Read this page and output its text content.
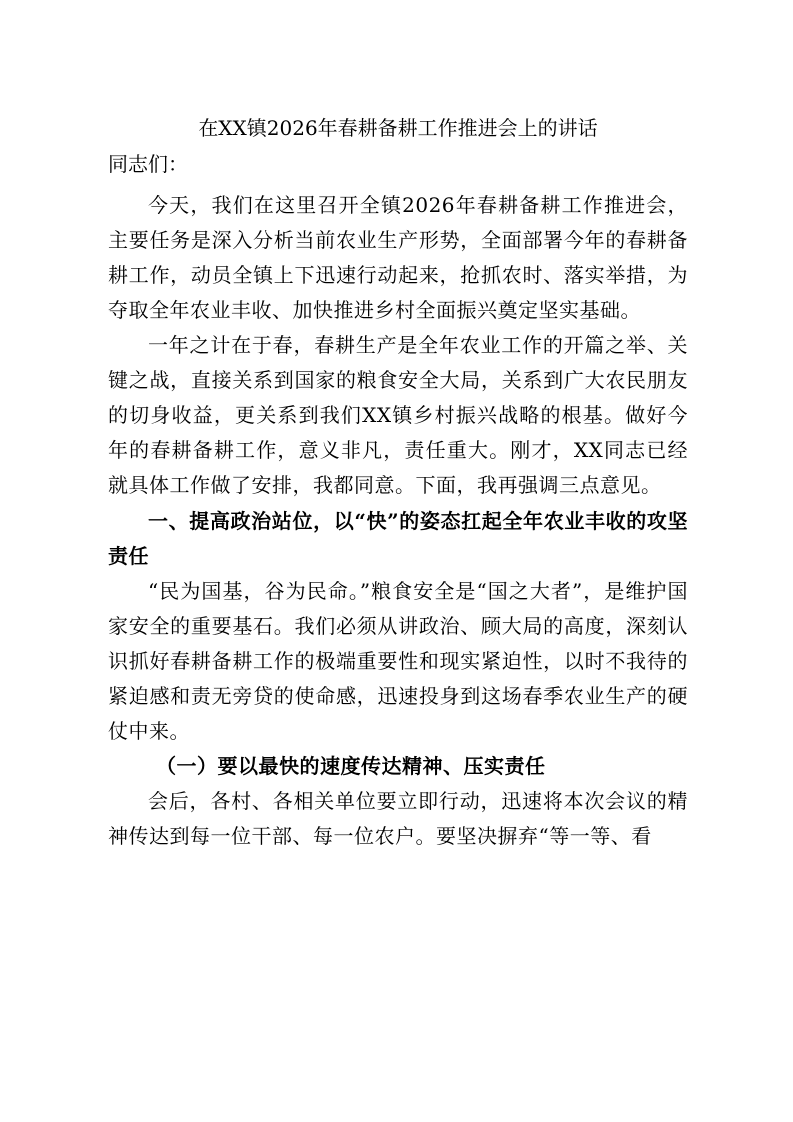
在XX镇2026年春耕备耕工作推进会上的讲话

同志们：

今天，我们在这里召开全镇2026年春耕备耕工作推进会，主要任务是深入分析当前农业生产形势，全面部署今年的春耕备耕工作，动员全镇上下迅速行动起来，抢抓农时、落实举措，为夺取全年农业丰收、加快推进乡村全面振兴奠定坚实基础。

一年之计在于春，春耕生产是全年农业工作的开篇之举、关键之战，直接关系到国家的粮食安全大局，关系到广大农民朋友的切身收益，更关系到我们XX镇乡村振兴战略的根基。做好今年的春耕备耕工作，意义非凡，责任重大。刚才，XX同志已经就具体工作做了安排，我都同意。下面，我再强调三点意见。

一、提高政治站位，以“快”的姿态扛起全年农业丰收的攻坚责任

“民为国基，谷为民命。”粮食安全是“国之大者”，是维护国家安全的重要基石。我们必须从讲政治、顾大局的高度，深刻认识抓好春耕备耕工作的极端重要性和现实紧迫性，以时不我待的紧迫感和责无旁贷的使命感，迅速投身到这场春季农业生产的硬仗中来。

（一）要以最快的速度传达精神、压实责任

会后，各村、各相关单位要立即行动，迅速将本次会议的精神传达到每一位干部、每一位农户。要坚决摒弃“等一等、看
